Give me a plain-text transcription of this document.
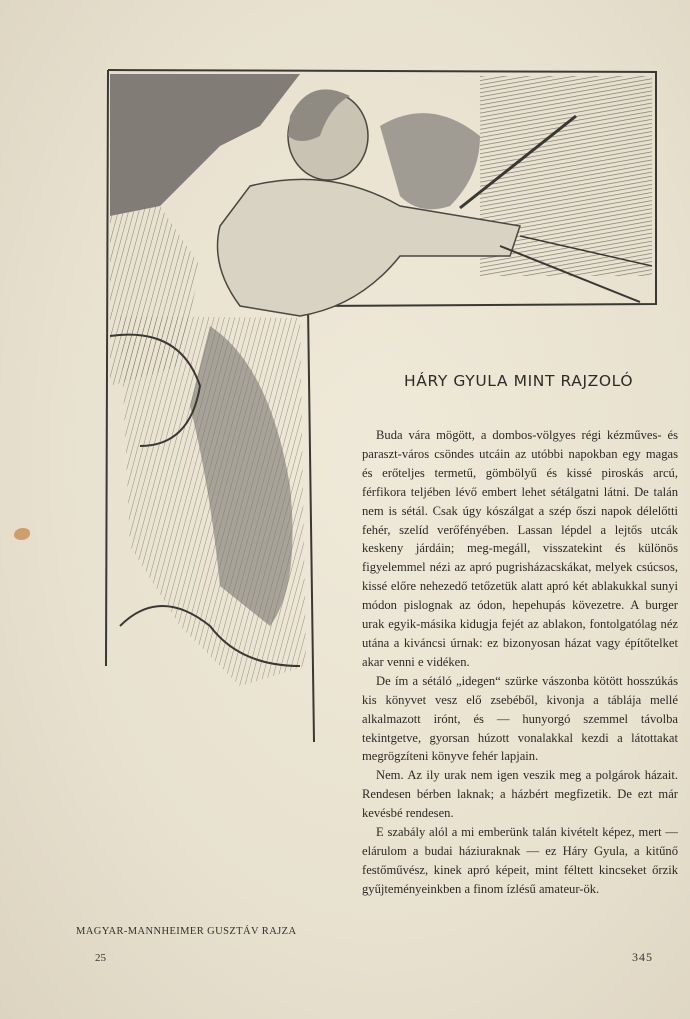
HÁRY GYULA MINT RAJZOLÓ

Buda vára mögött, a dombos-völgyes régi kézműves- és paraszt-város csöndes utcáin az utóbbi napokban egy magas és erőteljes termetű, gömbölyű és kissé piroskás arcú, férfikora teljében lévő embert lehet sétálgatni látni. De talán nem is sétál. Csak úgy kószálgat a szép őszi napok délelőtti fehér, szelíd verőfényében. Lassan lépdel a lejtős utcák keskeny járdáin; meg-megáll, visszatekint és különös figyelemmel nézi az apró pugrisházacskákat, melyek csúcsos, kissé előre nehezedő tetőzetük alatt apró két ablakukkal sunyi módon pislognak az ódon, hepehupás kövezetre. A burger urak egyik-másika kidugja fejét az ablakon, fontolgatólag néz utána a kiváncsi úrnak: ez bizonyosan házat vagy építőtelket akar venni e vidéken.

De ím a sétáló „idegen“ szürke vászonba kötött hosszúkás kis könyvet vesz elő zsebéből, kivonja a táblája mellé alkalmazott irónt, és — hunyorgó szemmel távolba tekintgetve, gyorsan húzott vonalakkal kezdi a látottakat megrögzíteni könyve fehér lapjain.

Nem. Az ily urak nem igen veszik meg a polgárok házait. Rendesen bérben laknak; a házbért megfizetik. De ezt már kevésbé rendesen.

E szabály alól a mi emberünk talán kivételt képez, mert — elárulom a budai háziuraknak — ez Háry Gyula, a kitűnő festőművész, kinek apró képeit, mint féltett kincseket őrzik gyűjteményeinkben a finom ízlésű amateur-ök.

MAGYAR-MANNHEIMER GUSZTÁV RAJZA
25	345
